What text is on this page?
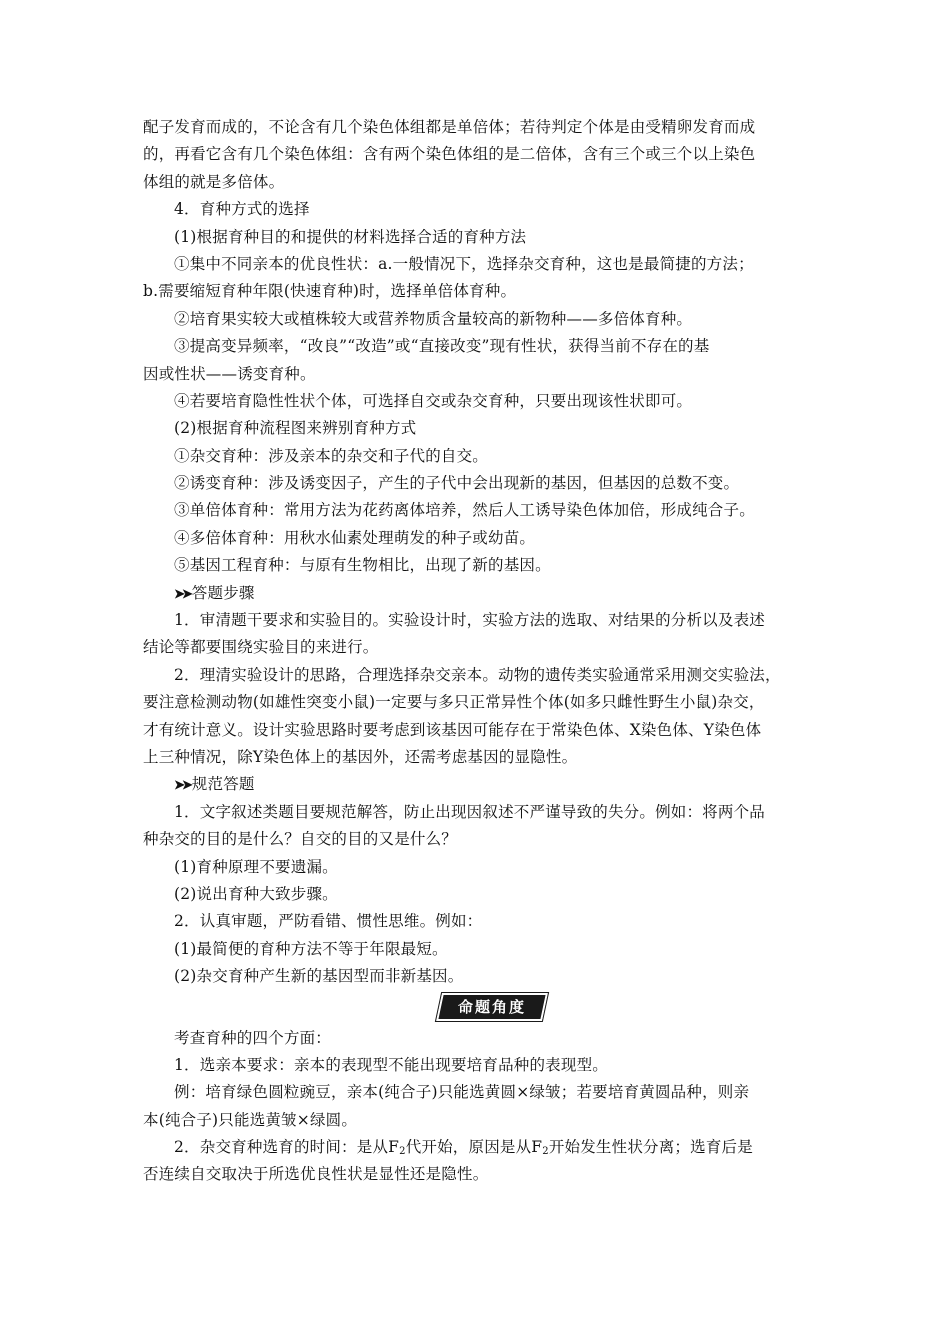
配子发育而成的，不论含有几个染色体组都是单倍体；若待判定个体是由受精卵发育而成
的，再看它含有几个染色体组：含有两个染色体组的是二倍体，含有三个或三个以上染色
体组的就是多倍体。
4．育种方式的选择
(1)根据育种目的和提供的材料选择合适的育种方法
①集中不同亲本的优良性状：a.一般情况下，选择杂交育种，这也是最简捷的方法；
b.需要缩短育种年限(快速育种)时，选择单倍体育种。
②培育果实较大或植株较大或营养物质含量较高的新物种——多倍体育种。
③提高变异频率，“改良”“改造”或“直接改变”现有性状，获得当前不存在的基
因或性状——诱变育种。
④若要培育隐性性状个体，可选择自交或杂交育种，只要出现该性状即可。
(2)根据育种流程图来辨别育种方式
①杂交育种：涉及亲本的杂交和子代的自交。
②诱变育种：涉及诱变因子，产生的子代中会出现新的基因，但基因的总数不变。
③单倍体育种：常用方法为花药离体培养，然后人工诱导染色体加倍，形成纯合子。
④多倍体育种：用秋水仙素处理萌发的种子或幼苗。
⑤基因工程育种：与原有生物相比，出现了新的基因。
➤➤ 答题步骤
1．审清题干要求和实验目的。实验设计时，实验方法的选取、对结果的分析以及表述
结论等都要围绕实验目的来进行。
2．理清实验设计的思路，合理选择杂交亲本。动物的遗传类实验通常采用测交实验法，
要注意检测动物(如雄性突变小鼠)一定要与多只正常异性个体(如多只雌性野生小鼠)杂交，
才有统计意义。设计实验思路时要考虑到该基因可能存在于常染色体、X染色体、Y染色体
上三种情况，除Y染色体上的基因外，还需考虑基因的显隐性。
➤➤ 规范答题
1．文字叙述类题目要规范解答，防止出现因叙述不严谨导致的失分。例如：将两个品
种杂交的目的是什么？自交的目的又是什么？
(1)育种原理不要遗漏。
(2)说出育种大致步骤。
2．认真审题，严防看错、惯性思维。例如：
(1)最简便的育种方法不等于年限最短。
(2)杂交育种产生新的基因型而非新基因。
命题角度
考查育种的四个方面：
1．选亲本要求：亲本的表现型不能出现要培育品种的表现型。
例：培育绿色圆粒豌豆，亲本(纯合子)只能选黄圆×绿皱；若要培育黄圆品种，则亲
本(纯合子)只能选黄皱×绿圆。
2．杂交育种选育的时间：是从$F_2$代开始，原因是从$F_2$开始发生性状分离；选育后是
否连续自交取决于所选优良性状是显性还是隐性。
